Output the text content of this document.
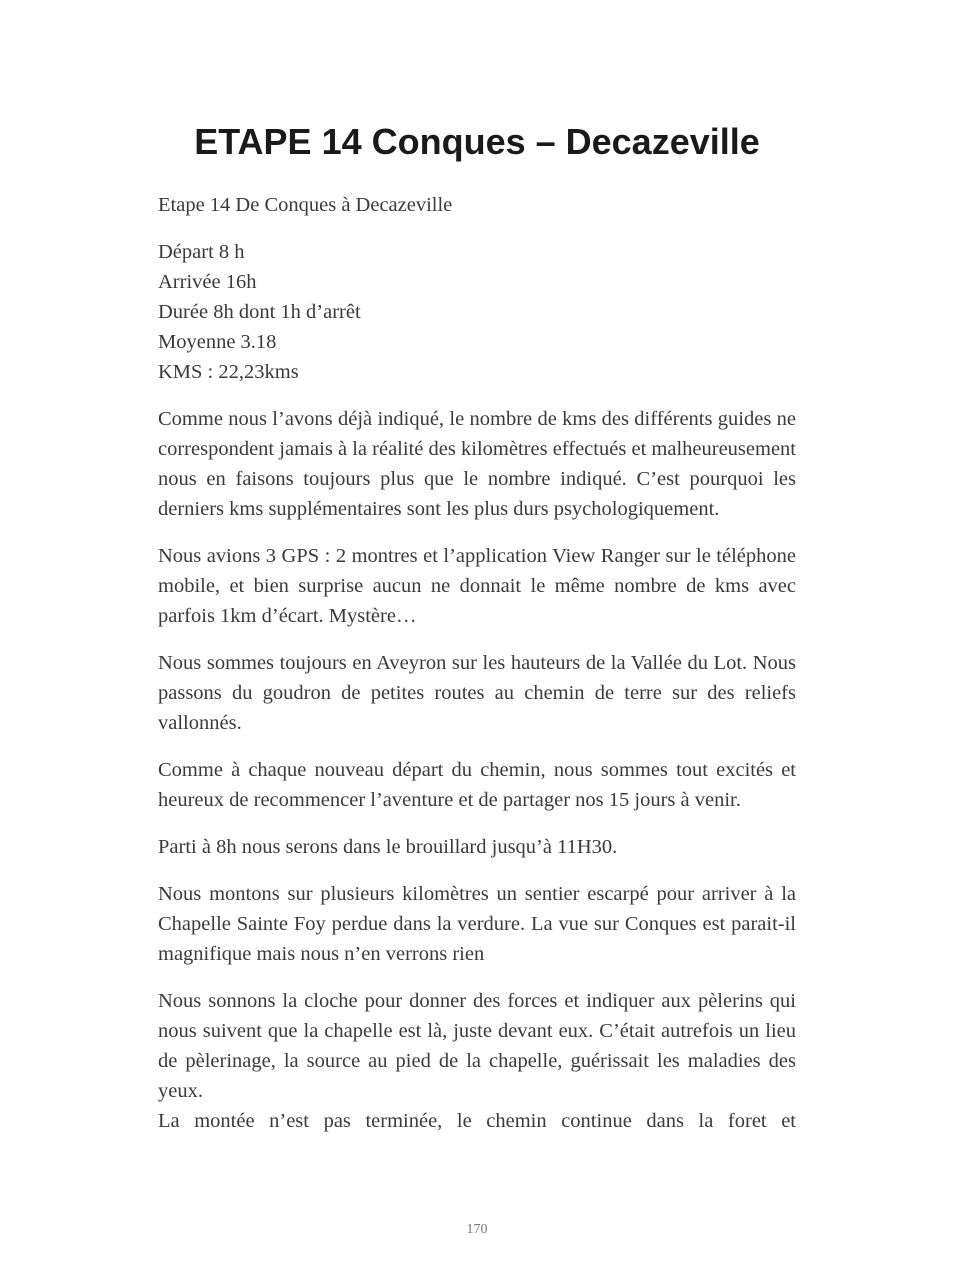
ETAPE 14 Conques – Decazeville

Etape 14 De Conques à Decazeville

Départ 8 h
Arrivée 16h
Durée 8h dont 1h d’arrêt
Moyenne 3.18
KMS : 22,23kms

Comme nous l’avons déjà indiqué, le nombre de kms des différents guides ne correspondent jamais à la réalité des kilomètres effectués et malheureusement nous en faisons toujours plus que le nombre indiqué. C’est pourquoi les derniers kms supplémentaires sont les plus durs psychologiquement.

Nous avions 3 GPS : 2 montres et l’application View Ranger sur le téléphone mobile, et bien surprise aucun ne donnait le même nombre de kms avec parfois 1km d’écart. Mystère…

Nous sommes toujours en Aveyron sur les hauteurs de la Vallée du Lot. Nous passons du goudron de petites routes au chemin de terre sur des reliefs vallonnés.

Comme à chaque nouveau départ du chemin, nous sommes tout excités et heureux de recommencer l’aventure et de partager nos 15 jours à venir.

Parti à 8h nous serons dans le brouillard jusqu’à 11H30.

Nous montons sur plusieurs kilomètres un sentier escarpé pour arriver à la Chapelle Sainte Foy perdue dans la verdure. La vue sur Conques est parait-il magnifique mais nous n’en verrons rien

Nous sonnons la cloche pour donner des forces et indiquer aux pèlerins qui nous suivent que la chapelle est là, juste devant eux. C’était autrefois un lieu de pèlerinage, la source au pied de la chapelle, guérissait les maladies des yeux.

La montée n’est pas terminée, le chemin continue dans la foret et

170
